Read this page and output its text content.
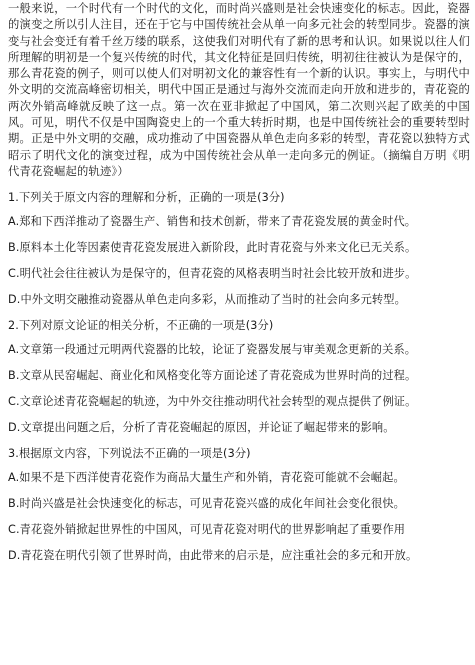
一般来说，一个时代有一个时代的文化，而时尚兴盛则是社会快速变化的标志。因此，瓷器的演变之所以引人注目，还在于它与中国传统社会从单一向多元社会的转型同步。瓷器的演变与社会变迁有着千丝万缕的联系，这使我们对明代有了新的思考和认识。如果说以往人们所理解的明初是一个复兴传统的时代，其文化特征是回归传统，明初往往被认为是保守的，那么青花瓷的例子，则可以使人们对明初文化的兼容性有一个新的认识。事实上，与明代中外文明的交流高峰密切相关，明代中国正是通过与海外交流而走向开放和进步的，青花瓷的两次外销高峰就反映了这一点。第一次在亚非掀起了中国风，第二次则兴起了欧美的中国风。可见，明代不仅是中国陶瓷史上的一个重大转折时期，也是中国传统社会的重要转型时期。正是中外文明的交融，成功推动了中国瓷器从单色走向多彩的转型，青花瓷以独特方式昭示了明代文化的演变过程，成为中国传统社会从单一走向多元的例证。（摘编自万明《明代青花瓷崛起的轨迹》）

1.下列关于原文内容的理解和分析，正确的一项是(3分)

A.郑和下西洋推动了瓷器生产、销售和技术创新，带来了青花瓷发展的黄金时代。

B.原料本土化等因素使青花瓷发展进入新阶段，此时青花瓷与外来文化已无关系。

C.明代社会往往被认为是保守的，但青花瓷的风格表明当时社会比较开放和进步。

D.中外文明交融推动瓷器从单色走向多彩，从而推动了当时的社会向多元转型。

2.下列对原文论证的相关分析，不正确的一项是(3分)

A.文章第一段通过元明两代瓷器的比较，论证了瓷器发展与审美观念更新的关系。

B.文章从民窑崛起、商业化和风格变化等方面论述了青花瓷成为世界时尚的过程。

C.文章论述青花瓷崛起的轨迹，为中外交往推动明代社会转型的观点提供了例证。

D.文章提出问题之后，分析了青花瓷崛起的原因，并论证了崛起带来的影响。

3.根据原文内容，下列说法不正确的一项是(3分)

A.如果不是下西洋使青花瓷作为商品大量生产和外销，青花瓷可能就不会崛起。

B.时尚兴盛是社会快速变化的标志，可见青花瓷兴盛的成化年间社会变化很快。

C.青花瓷外销掀起世界性的中国风，可见青花瓷对明代的世界影响起了重要作用

D.青花瓷在明代引领了世界时尚，由此带来的启示是，应注重社会的多元和开放。
